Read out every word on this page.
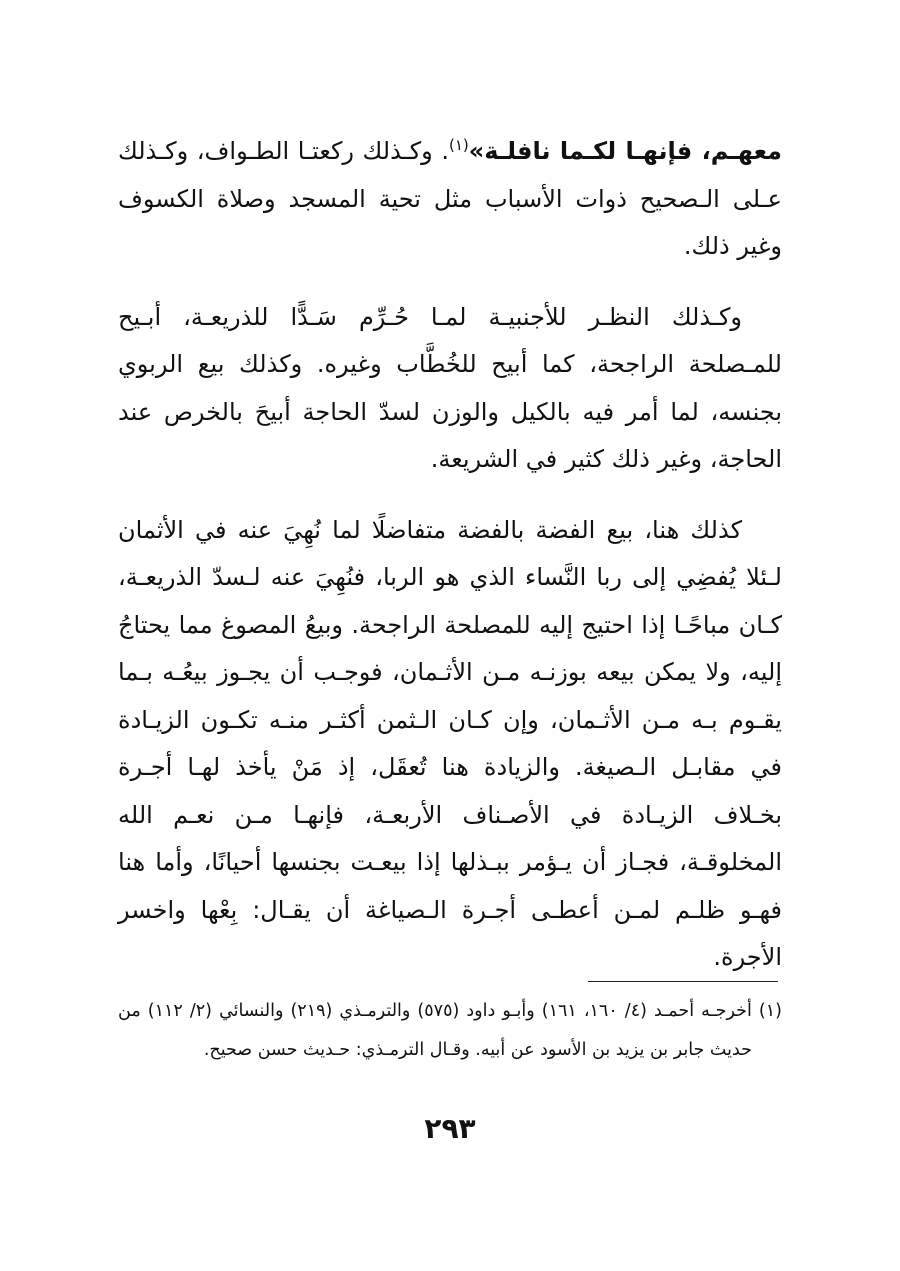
معهـم، فإنهـا لكـما نافلـة»$^{(١)}$. وكـذلك ركعتـا الطـواف، وكـذلك عـلى الـصحيح ذوات الأسباب مثل تحية المسجد وصلاة الكسوف وغير ذلك.

وكـذلك النظـر للأجنبيـة لمـا حُـرِّم سَـدًّا للذريعـة، أبـيح للمـصلحة الراجحة، كما أبيح للخُطَّاب وغيره. وكذلك بيع الربوي بجنسه، لما أمر فيه بالكيل والوزن لسدّ الحاجة أبيحَ بالخرص عند الحاجة، وغير ذلك كثير في الشريعة.

كذلك هنا، بيع الفضة بالفضة متفاضلًا لما نُهِيَ عنه في الأثمان لـئلا يُفضِي إلى ربا النَّساء الذي هو الربا، فنُهِيَ عنه لـسدّ الذريعـة، كـان مباحًـا إذا احتيج إليه للمصلحة الراجحة. وبيعُ المصوغ مما يحتاجُ إليه، ولا يمكن بيعه بوزنـه مـن الأثـمان، فوجـب أن يجـوز بيعُـه بـما يقـوم بـه مـن الأثـمان، وإن كـان الـثمن أكثـر منـه تكـون الزيـادة في مقابـل الـصيغة. والزيادة هنا تُعقَل، إذ مَنْ يأخذ لهـا أجـرة بخـلاف الزيـادة في الأصـناف الأربعـة، فإنهـا مـن نعـم الله المخلوقـة، فجـاز أن يـؤمر ببـذلها إذا بيعـت بجنسها أحيانًا، وأما هنا فهـو ظلـم لمـن أعطـى أجـرة الـصياغة أن يقـال: بِعْها واخسر الأجرة.

(١) أخرجـه أحمـد (٤/ ١٦٠، ١٦١) وأبـو داود (٥٧٥) والترمـذي (٢١٩) والنسائي (٢/ ١١٢) من حديث جابر بن يزيد بن الأسود عن أبيه. وقـال الترمـذي: حـديث حسن صحيح.

٢٩٣
